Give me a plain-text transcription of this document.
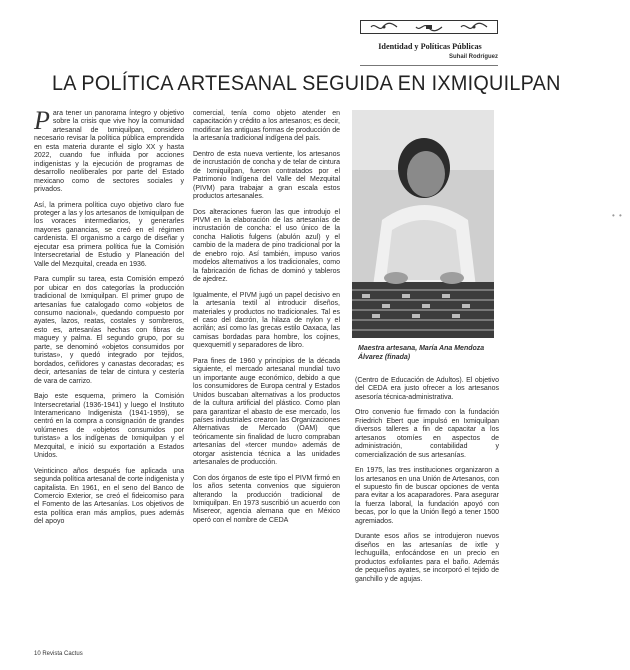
Identidad y Políticas Públicas
Suhail Rodríguez
LA POLÍTICA ARTESANAL SEGUIDA EN IXMIQUILPAN

Para tener un panorama íntegro y objetivo sobre la crisis que vive hoy la comunidad artesanal de Ixmiquilpan, considero necesario revisar la política pública emprendida en esta materia durante el siglo XX y hasta 2022, cuando fue influida por acciones indigenistas y la ejecución de programas de desarrollo neoliberales por parte del Estado mexicano como de sectores sociales y privados.

Así, la primera política cuyo objetivo claro fue proteger a las y los artesanos de Ixmiquilpan de los voraces intermediarios, y generarles mayores ganancias, se creó en el régimen cardenista. El organismo a cargo de diseñar y ejecutar esa primera política fue la Comisión Intersecretarial de Estudio y Planeación del Valle del Mezquital, creada en 1936.

Para cumplir su tarea, esta Comisión empezó por ubicar en dos categorías la producción tradicional de Ixmiquilpan. El primer grupo de artesanías fue catalogado como «objetos de consumo nacional», quedando compuesto por ayates, lazos, reatas, costales y sombreros, esto es, artesanías hechas con fibras de maguey y palma. El segundo grupo, por su parte, se denominó «objetos consumidos por turistas», y quedó integrado por tejidos, bordados, ceñidores y canastas decoradas; es decir, artesanías de telar de cintura y cestería de vara de carrizo.

Bajo este esquema, primero la Comisión Intersecretarial (1936-1941) y luego el Instituto Interamericano Indigenista (1941-1959), se centró en la compra a consignación de grandes volúmenes de «objetos consumidos por turistas» a los indígenas de Ixmiquilpan y el Mezquital, e inició su exportación a Estados Unidos.

Veinticinco años después fue aplicada una segunda política artesanal de corte indigenista y capitalista. En 1961, en el seno del Banco de Comercio Exterior, se creó el fideicomiso para el Fomento de las Artesanías. Los objetivos de esta política eran más amplios, pues además del apoyo

comercial, tenía como objeto atender en capacitación y crédito a los artesanos; es decir, modificar las antiguas formas de producción de la artesanía tradicional indígena del país.

Dentro de esta nueva vertiente, los artesanos de incrustación de concha y de telar de cintura de Ixmiquilpan, fueron contratados por el Patrimonio Indígena del Valle del Mezquital (PIVM) para trabajar a gran escala estos productos artesanales.

Dos alteraciones fueron las que introdujo el PIVM en la elaboración de las artesanías de incrustación de concha: el uso único de la concha Haliotis fulgens (abulón azul) y el cambio de la madera de pino tradicional por la de enebro rojo. Así también, impuso varios modelos alternativos a los tradicionales, como la fabricación de fichas de dominó y tableros de ajedrez.

Igualmente, el PIVM jugó un papel decisivo en la artesanía textil al introducir diseños, materiales y productos no tradicionales. Tal es el caso del dacrón, la hilaza de nylon y el acrilán; así como las grecas estilo Oaxaca, las camisas bordadas para hombre, los cojines, quexquemitl y separadores de libro.

Para fines de 1960 y principios de la década siguiente, el mercado artesanal mundial tuvo un importante auge económico, debido a que los consumidores de Europa central y Estados Unidos buscaban alternativas a los productos de la cultura artificial del plástico. Como plan para garantizar el abasto de ese mercado, los países industriales crearon las Organizaciones Alternativas de Mercado (OAM) que teóricamente sin finalidad de lucro compraban artesanías del «tercer mundo» además de otorgar asistencia técnica a las unidades artesanales de producción.

Con dos órganos de este tipo el PIVM firmó en los años setenta convenios que siguieron alterando la producción tradicional de Ixmiquilpan. En 1973 suscribió un acuerdo con Misereor, agencia alemana que en México operó con el nombre de CEDA

Maestra artesana, María Ana Mendoza Álvarez (finada)

(Centro de Educación de Adultos). El objetivo del CEDA era justo ofrecer a los artesanos asesoría técnica-administrativa.

Otro convenio fue firmado con la fundación Friedrich Ebert que impulsó en Ixmiquilpan diversos talleres a fin de capacitar a los artesanos otomíes en aspectos de administración, contabilidad y comercialización de sus artesanías.

En 1975, las tres instituciones organizaron a los artesanos en una Unión de Artesanos, con el supuesto fin de buscar opciones de venta para evitar a los acaparadores. Para asegurar la fuerza laboral, la fundación apoyó con becas, por lo que la Unión llegó a tener 1500 agremiados.

Durante esos años se introdujeron nuevos diseños en las artesanías de ixtle y lechuguilla, enfocándose en un precio en productos exfoliantes para el baño. Además de pequeños ayates, se incorporó el tejido de ganchillo y de agujas.

10 Revista Cactus
• •
